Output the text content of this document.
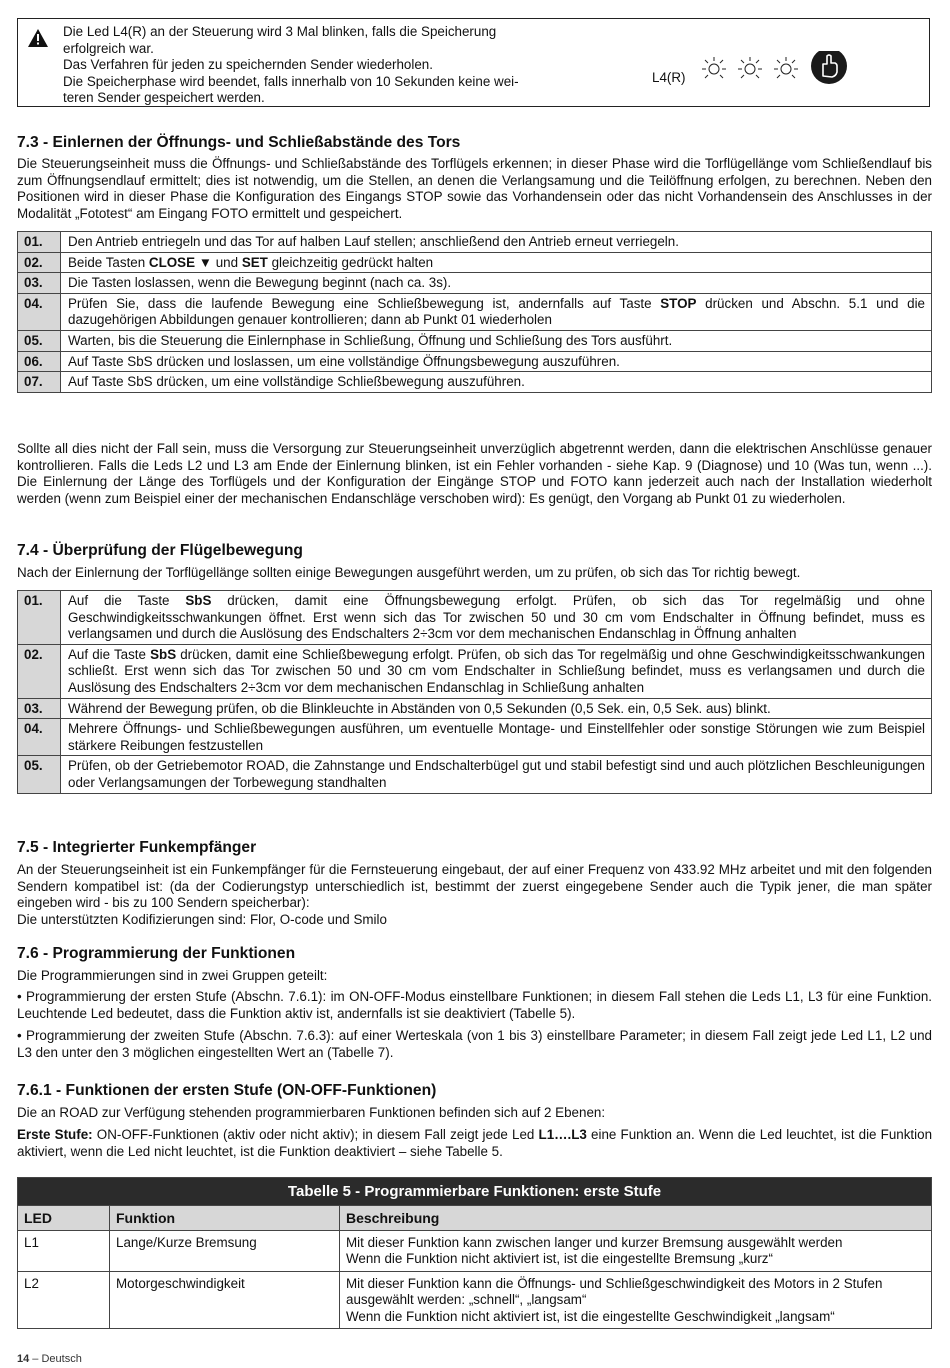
Die Led L4(R) an der Steuerung wird 3 Mal blinken, falls die Speicherung
erfolgreich war.
Das Verfahren für jeden zu speichernden Sender wiederholen.
Die Speicherphase wird beendet, falls innerhalb von 10 Sekunden keine wei-
teren Sender gespeichert werden.
L4(R)
7.3 - Einlernen der Öffnungs- und Schließabstände des Tors

Die Steuerungseinheit muss die Öffnungs- und Schließabstände des Torflügels erkennen; in dieser Phase wird die Torflügellänge vom Schließendlauf bis zum Öffnungsendlauf ermittelt; dies ist notwendig, um die Stellen, an denen die Verlangsamung und die Teilöffnung erfolgen, zu berechnen. Neben den Positionen wird in dieser Phase die Konfiguration des Eingangs STOP sowie das Vorhandensein oder das nicht Vorhandensein des Anschlusses in der Modalität „Fototest“ am Eingang FOTO ermittelt und gespeichert.

01.	Den Antrieb entriegeln und das Tor auf halben Lauf stellen; anschließend den Antrieb erneut verriegeln.
02.	Beide Tasten CLOSE ▼ und SET gleichzeitig gedrückt halten
03.	Die Tasten loslassen, wenn die Bewegung beginnt (nach ca. 3s).
04.	Prüfen Sie, dass die laufende Bewegung eine Schließbewegung ist, andernfalls auf Taste STOP drücken und Abschn. 5.1 und die dazugehörigen Abbildungen genauer kontrollieren; dann ab Punkt 01 wiederholen
05.	Warten, bis die Steuerung die Einlernphase in Schließung, Öffnung und Schließung des Tors ausführt.
06.	Auf Taste SbS drücken und loslassen, um eine vollständige Öffnungsbewegung auszuführen.
07.	Auf Taste SbS drücken, um eine vollständige Schließbewegung auszuführen.

Sollte all dies nicht der Fall sein, muss die Versorgung zur Steuerungseinheit unverzüglich abgetrennt werden, dann die elektrischen Anschlüsse genauer kontrollieren. Falls die Leds L2 und L3 am Ende der Einlernung blinken, ist ein Fehler vorhanden - siehe Kap. 9 (Diagnose) und 10 (Was tun, wenn ...). Die Einlernung der Länge des Torflügels und der Konfiguration der Eingänge STOP und FOTO kann jederzeit auch nach der Installation wiederholt werden (wenn zum Beispiel einer der mechanischen Endanschläge verschoben wird): Es genügt, den Vorgang ab Punkt 01 zu wiederholen.

7.4 - Überprüfung der Flügelbewegung

Nach der Einlernung der Torflügellänge sollten einige Bewegungen ausgeführt werden, um zu prüfen, ob sich das Tor richtig bewegt.

01.	Auf die Taste SbS drücken, damit eine Öffnungsbewegung erfolgt. Prüfen, ob sich das Tor regelmäßig und ohne Geschwindigkeitsschwankungen öffnet. Erst wenn sich das Tor zwischen 50 und 30 cm vom Endschalter in Öffnung befindet, muss es verlangsamen und durch die Auslösung des Endschalters 2÷3cm vor dem mechanischen Endanschlag in Öffnung anhalten
02.	Auf die Taste SbS drücken, damit eine Schließbewegung erfolgt. Prüfen, ob sich das Tor regelmäßig und ohne Geschwindigkeitsschwankungen schließt. Erst wenn sich das Tor zwischen 50 und 30 cm vom Endschalter in Schließung befindet, muss es verlangsamen und durch die Auslösung des Endschalters 2÷3cm vor dem mechanischen Endanschlag in Schließung anhalten
03.	Während der Bewegung prüfen, ob die Blinkleuchte in Abständen von 0,5 Sekunden (0,5 Sek. ein, 0,5 Sek. aus) blinkt.
04.	Mehrere Öffnungs- und Schließbewegungen ausführen, um eventuelle Montage- und Einstellfehler oder sonstige Störungen wie zum Beispiel stärkere Reibungen festzustellen
05.	Prüfen, ob der Getriebemotor ROAD, die Zahnstange und Endschalterbügel gut und stabil befestigt sind und auch plötzlichen Beschleunigungen oder Verlangsamungen der Torbewegung standhalten
7.5 - Integrierter Funkempfänger

An der Steuerungseinheit ist ein Funkempfänger für die Fernsteuerung eingebaut, der auf einer Frequenz von 433.92 MHz arbeitet und mit den folgenden Sendern kompatibel ist: (da der Codierungstyp unterschiedlich ist, bestimmt der zuerst eingegebene Sender auch die Typik jener, die man später eingeben wird - bis zu 100 Sendern speicherbar):

Die unterstützten Kodifizierungen sind: Flor, O-code und Smilo

7.6 - Programmierung der Funktionen

Die Programmierungen sind in zwei Gruppen geteilt:

• Programmierung der ersten Stufe (Abschn. 7.6.1): im ON-OFF-Modus einstellbare Funktionen; in diesem Fall stehen die Leds L1, L3 für eine Funktion. Leuchtende Led bedeutet, dass die Funktion aktiv ist, andernfalls ist sie deaktiviert (Tabelle 5).

• Programmierung der zweiten Stufe (Abschn. 7.6.3): auf einer Werteskala (von 1 bis 3) einstellbare Parameter; in diesem Fall zeigt jede Led L1, L2 und L3 den unter den 3 möglichen eingestellten Wert an (Tabelle 7).

7.6.1 - Funktionen der ersten Stufe (ON-OFF-Funktionen)

Die an ROAD zur Verfügung stehenden programmierbaren Funktionen befinden sich auf 2 Ebenen:

Erste Stufe: ON-OFF-Funktionen (aktiv oder nicht aktiv); in diesem Fall zeigt jede Led L1….L3 eine Funktion an. Wenn die Led leuchtet, ist die Funktion aktiviert, wenn die Led nicht leuchtet, ist die Funktion deaktiviert – siehe Tabelle 5.

Tabelle 5 - Programmierbare Funktionen: erste Stufe
LED	Funktion	Beschreibung
L1	Lange/Kurze Bremsung	Mit dieser Funktion kann zwischen langer und kurzer Bremsung ausgewählt werden
Wenn die Funktion nicht aktiviert ist, ist die eingestellte Bremsung „kurz“
L2	Motorgeschwindigkeit	Mit dieser Funktion kann die Öffnungs- und Schließgeschwindigkeit des Motors in 2 Stufen
ausgewählt werden: „schnell“, „langsam“
Wenn die Funktion nicht aktiviert ist, ist die eingestellte Geschwindigkeit „langsam“
14 – Deutsch
